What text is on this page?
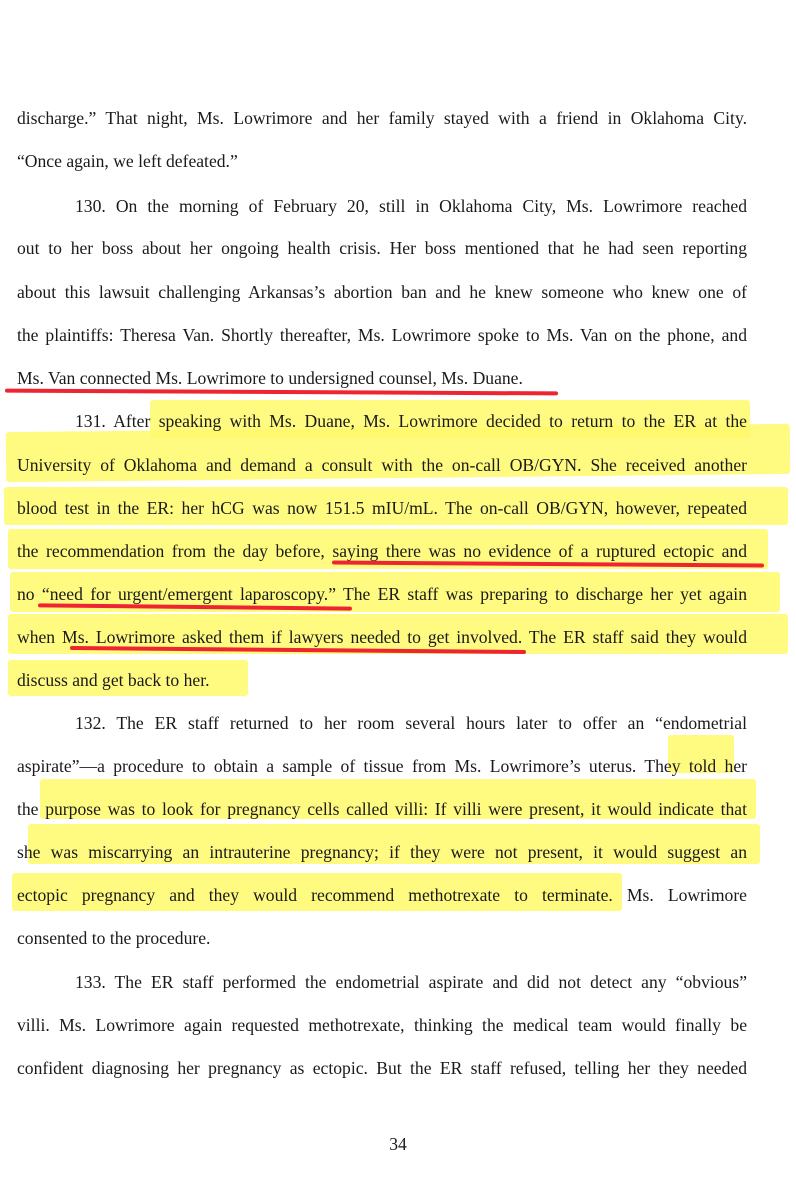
discharge.” That night, Ms. Lowrimore and her family stayed with a friend in Oklahoma City.
“Once again, we left defeated.”
130. On the morning of February 20, still in Oklahoma City, Ms. Lowrimore reached
out to her boss about her ongoing health crisis. Her boss mentioned that he had seen reporting
about this lawsuit challenging Arkansas’s abortion ban and he knew someone who knew one of
the plaintiffs: Theresa Van. Shortly thereafter, Ms. Lowrimore spoke to Ms. Van on the phone, and
Ms. Van connected Ms. Lowrimore to undersigned counsel, Ms. Duane.
131. After speaking with Ms. Duane, Ms. Lowrimore decided to return to the ER at the
University of Oklahoma and demand a consult with the on-call OB/GYN. She received another
blood test in the ER: her hCG was now 151.5 mIU/mL. The on-call OB/GYN, however, repeated
the recommendation from the day before, saying there was no evidence of a ruptured ectopic and
no “need for urgent/emergent laparoscopy.” The ER staff was preparing to discharge her yet again
when Ms. Lowrimore asked them if lawyers needed to get involved. The ER staff said they would
discuss and get back to her.
132. The ER staff returned to her room several hours later to offer an “endometrial
aspirate”—a procedure to obtain a sample of tissue from Ms. Lowrimore’s uterus. They told her
the purpose was to look for pregnancy cells called villi: If villi were present, it would indicate that
she was miscarrying an intrauterine pregnancy; if they were not present, it would suggest an
ectopic pregnancy and they would recommend methotrexate to terminate. Ms. Lowrimore
consented to the procedure.
133. The ER staff performed the endometrial aspirate and did not detect any “obvious”
villi. Ms. Lowrimore again requested methotrexate, thinking the medical team would finally be
confident diagnosing her pregnancy as ectopic. But the ER staff refused, telling her they needed
34
